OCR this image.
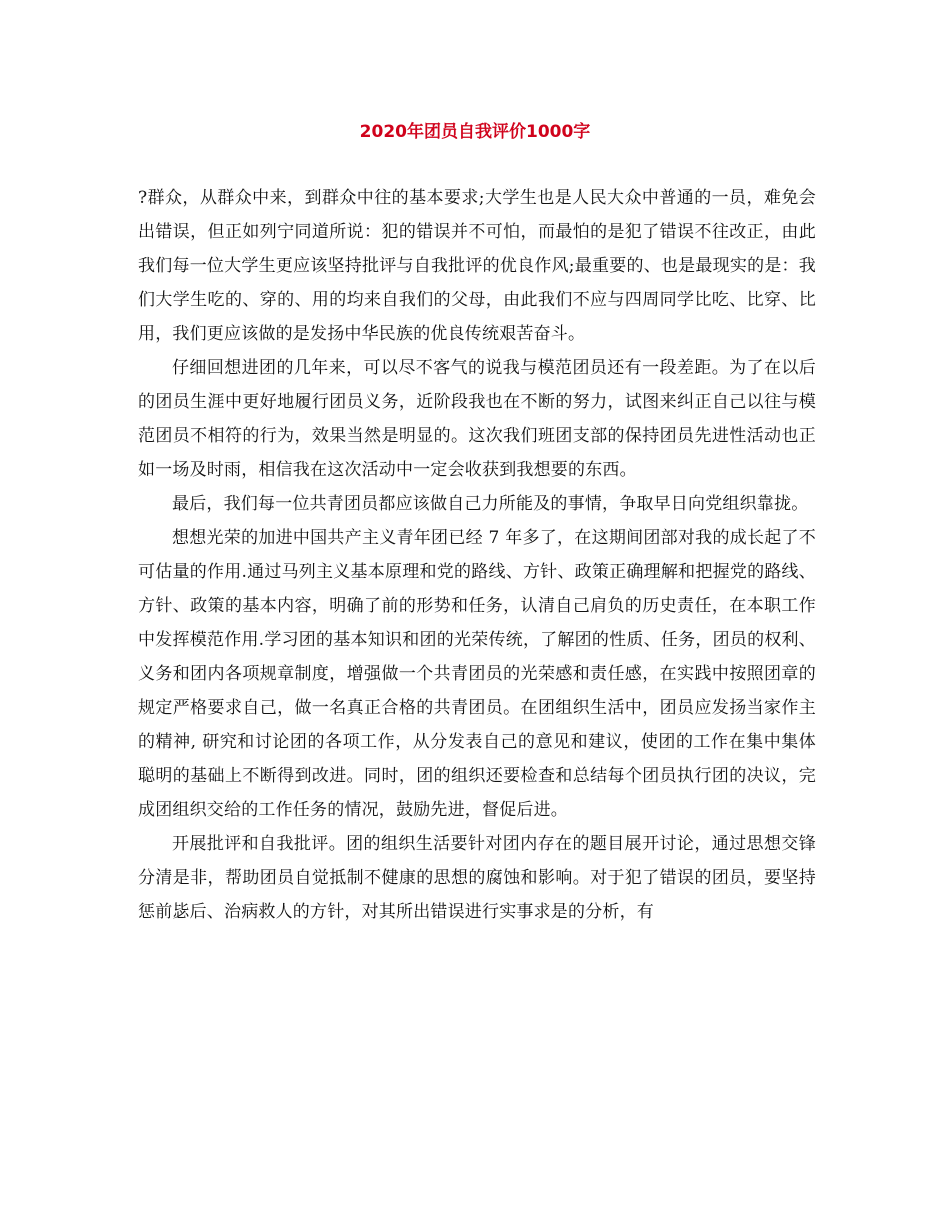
2020年团员自我评价1000字

?群众，从群众中来，到群众中往的基本要求;大学生也是人民大众中普通的一员，难免会出错误，但正如列宁同道所说：犯的错误并不可怕，而最怕的是犯了错误不往改正，由此我们每一位大学生更应该坚持批评与自我批评的优良作风;最重要的、也是最现实的是：我们大学生吃的、穿的、用的均来自我们的父母，由此我们不应与四周同学比吃、比穿、比用，我们更应该做的是发扬中华民族的优良传统艰苦奋斗。

仔细回想进团的几年来，可以尽不客气的说我与模范团员还有一段差距。为了在以后的团员生涯中更好地履行团员义务，近阶段我也在不断的努力，试图来纠正自己以往与模范团员不相符的行为，效果当然是明显的。这次我们班团支部的保持团员先进性活动也正如一场及时雨，相信我在这次活动中一定会收获到我想要的东西。

最后，我们每一位共青团员都应该做自己力所能及的事情，争取早日向党组织靠拢。

想想光荣的加进中国共产主义青年团已经 7 年多了，在这期间团部对我的成长起了不可估量的作用.通过马列主义基本原理和党的路线、方针、政策正确理解和把握党的路线、方针、政策的基本内容，明确了前的形势和任务，认清自己肩负的历史责任，在本职工作中发挥模范作用.学习团的基本知识和团的光荣传统，了解团的性质、任务，团员的权利、义务和团内各项规章制度，增强做一个共青团员的光荣感和责任感，在实践中按照团章的规定严格要求自己，做一名真正合格的共青团员。在团组织生活中，团员应发扬当家作主的精神, 研究和讨论团的各项工作，从分发表自己的意见和建议，使团的工作在集中集体聪明的基础上不断得到改进。同时，团的组织还要检查和总结每个团员执行团的决议，完成团组织交给的工作任务的情况，鼓励先进，督促后进。

开展批评和自我批评。团的组织生活要针对团内存在的题目展开讨论，通过思想交锋分清是非，帮助团员自觉抵制不健康的思想的腐蚀和影响。对于犯了错误的团员，要坚持惩前毖后、治病救人的方针，对其所出错误进行实事求是的分析，有
